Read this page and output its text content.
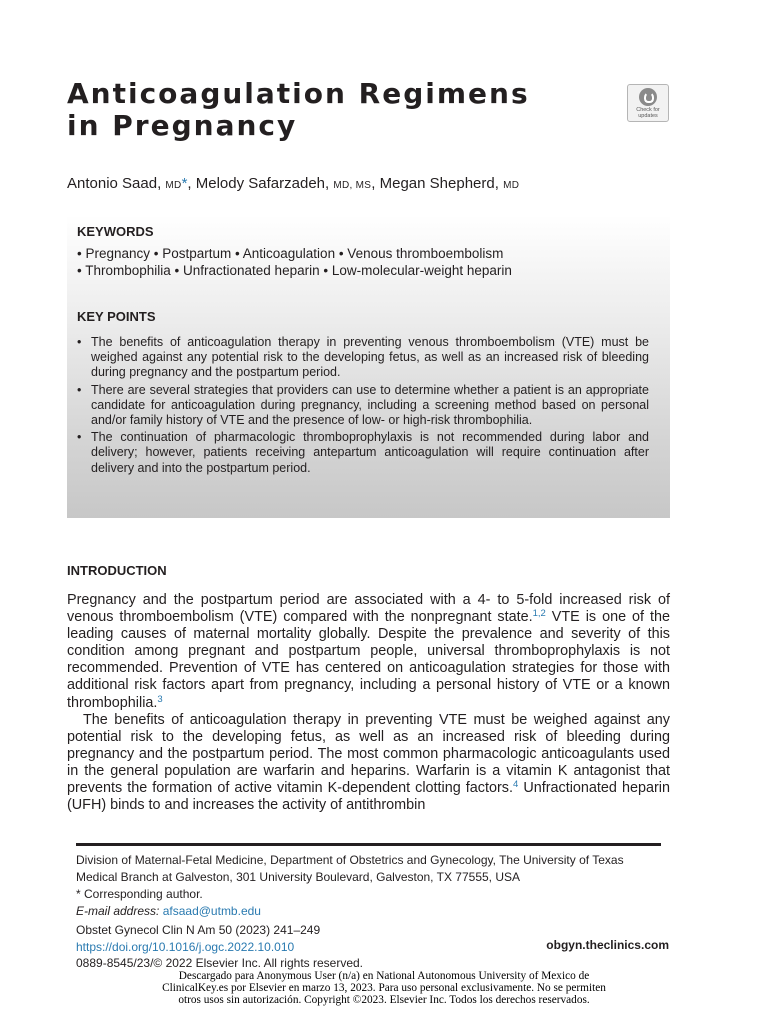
Anticoagulation Regimens
in Pregnancy	Check for
updates
Antonio Saad, MD*, Melody Safarzadeh, MD, MS, Megan Shepherd, MD
KEYWORDS
• Pregnancy • Postpartum • Anticoagulation • Venous thromboembolism
• Thrombophilia • Unfractionated heparin • Low-molecular-weight heparin
KEY POINTS
• The benefits of anticoagulation therapy in preventing venous thromboembolism (VTE) must be weighed against any potential risk to the developing fetus, as well as an increased risk of bleeding during pregnancy and the postpartum period.
• There are several strategies that providers can use to determine whether a patient is an appropriate candidate for anticoagulation during pregnancy, including a screening method based on personal and/or family history of VTE and the presence of low- or high-risk thrombophilia.
• The continuation of pharmacologic thromboprophylaxis is not recommended during labor and delivery; however, patients receiving antepartum anticoagulation will require continuation after delivery and into the postpartum period.
INTRODUCTION

Pregnancy and the postpartum period are associated with a 4- to 5-fold increased risk of venous thromboembolism (VTE) compared with the nonpregnant state.$^{1,2}$ VTE is one of the leading causes of maternal mortality globally. Despite the prevalence and severity of this condition among pregnant and postpartum people, universal thromboprophylaxis is not recommended. Prevention of VTE has centered on anticoagulation strategies for those with additional risk factors apart from pregnancy, including a personal history of VTE or a known thrombophilia.$^3$

The benefits of anticoagulation therapy in preventing VTE must be weighed against any potential risk to the developing fetus, as well as an increased risk of bleeding during pregnancy and the postpartum period. The most common pharmacologic anticoagulants used in the general population are warfarin and heparins. Warfarin is a vitamin K antagonist that prevents the formation of active vitamin K-dependent clotting factors.$^4$ Unfractionated heparin (UFH) binds to and increases the activity of antithrombin

Division of Maternal-Fetal Medicine, Department of Obstetrics and Gynecology, The University of Texas Medical Branch at Galveston, 301 University Boulevard, Galveston, TX 77555, USA
* Corresponding author.
E-mail address: afsaad@utmb.edu
Obstet Gynecol Clin N Am 50 (2023) 241–249
https://doi.org/10.1016/j.ogc.2022.10.010
0889-8545/23/© 2022 Elsevier Inc. All rights reserved.
obgyn.theclinics.com
Descargado para Anonymous User (n/a) en National Autonomous University of Mexico de ClinicalKey.es por Elsevier en marzo 13, 2023. Para uso personal exclusivamente. No se permiten otros usos sin autorización. Copyright ©2023. Elsevier Inc. Todos los derechos reservados.
